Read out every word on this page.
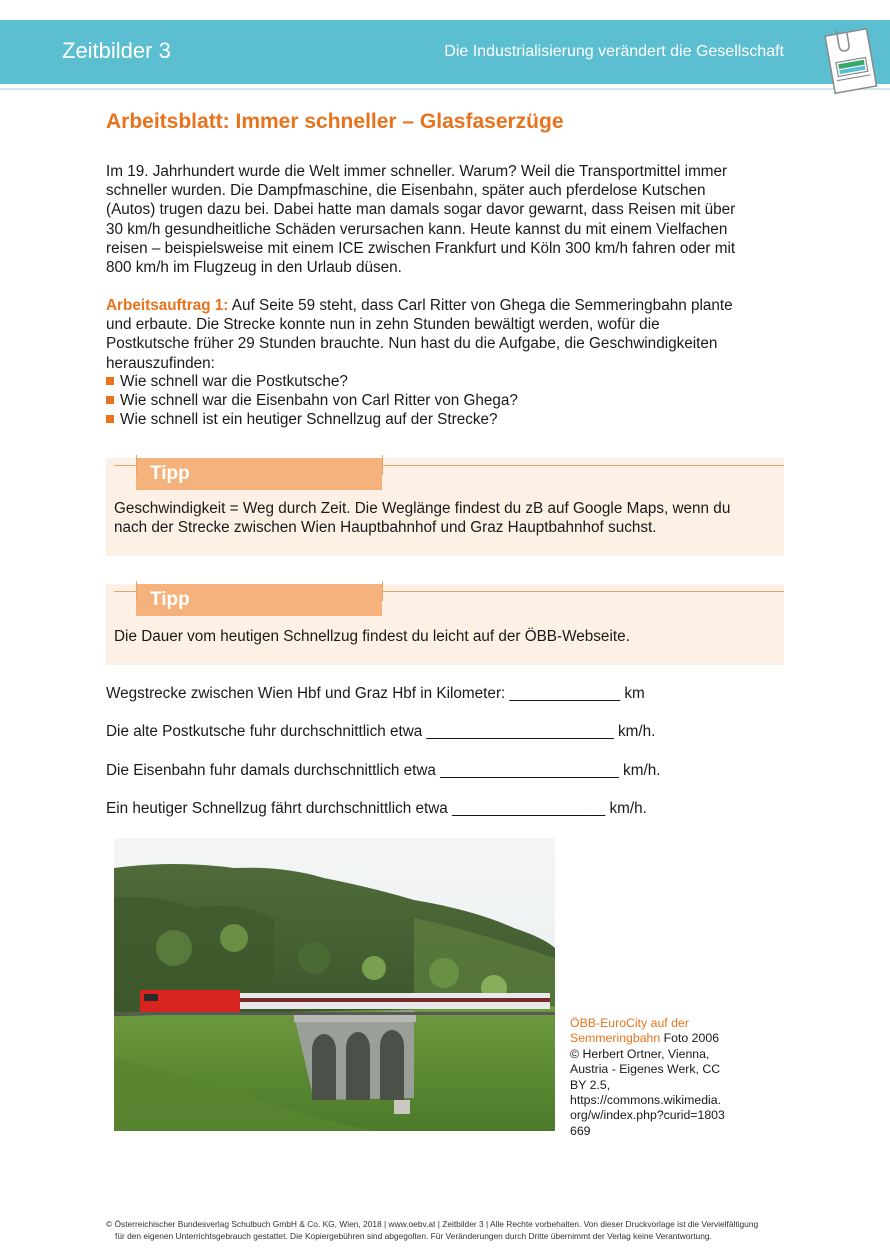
Zeitbilder 3	Die Industrialisierung verändert die Gesellschaft
Arbeitsblatt: Immer schneller – Glasfaserzüge
Im 19. Jahrhundert wurde die Welt immer schneller. Warum? Weil die Transportmittel immer
schneller wurden. Die Dampfmaschine, die Eisenbahn, später auch pferdelose Kutschen
(Autos) trugen dazu bei. Dabei hatte man damals sogar davor gewarnt, dass Reisen mit über
30 km/h gesundheitliche Schäden verursachen kann. Heute kannst du mit einem Vielfachen
reisen – beispielsweise mit einem ICE zwischen Frankfurt und Köln 300 km/h fahren oder mit
800 km/h im Flugzeug in den Urlaub düsen.
Arbeitsauftrag 1: Auf Seite 59 steht, dass Carl Ritter von Ghega die Semmeringbahn plante
und erbaute. Die Strecke konnte nun in zehn Stunden bewältigt werden, wofür die
Postkutsche früher 29 Stunden brauchte. Nun hast du die Aufgabe, die Geschwindigkeiten
herauszufinden:
Wie schnell war die Postkutsche?
Wie schnell war die Eisenbahn von Carl Ritter von Ghega?
Wie schnell ist ein heutiger Schnellzug auf der Strecke?
Tipp
Geschwindigkeit = Weg durch Zeit. Die Weglänge findest du zB auf Google Maps, wenn du
nach der Strecke zwischen Wien Hauptbahnhof und Graz Hauptbahnhof suchst.
Tipp
Die Dauer vom heutigen Schnellzug findest du leicht auf der ÖBB-Webseite.
Wegstrecke zwischen Wien Hbf und Graz Hbf in Kilometer: _____________ km
Die alte Postkutsche fuhr durchschnittlich etwa ______________________ km/h.
Die Eisenbahn fuhr damals durchschnittlich etwa _____________________ km/h.
Ein heutiger Schnellzug fährt durchschnittlich etwa __________________ km/h.
ÖBB-EuroCity auf der
Semmeringbahn Foto 2006
© Herbert Ortner, Vienna,
Austria - Eigenes Werk, CC
BY 2.5,
https://commons.wikimedia.
org/w/index.php?curid=1803
669
© Österreichischer Bundesverlag Schulbuch GmbH & Co. KG, Wien, 2018 | www.oebv.at | Zeitbilder 3 | Alle Rechte vorbehalten. Von dieser Druckvorlage ist die Vervielfältigung
für den eigenen Unterrichtsgebrauch gestattet. Die Kopiergebühren sind abgegolten. Für Veränderungen durch Dritte übernimmt der Verlag keine Verantwortung.
